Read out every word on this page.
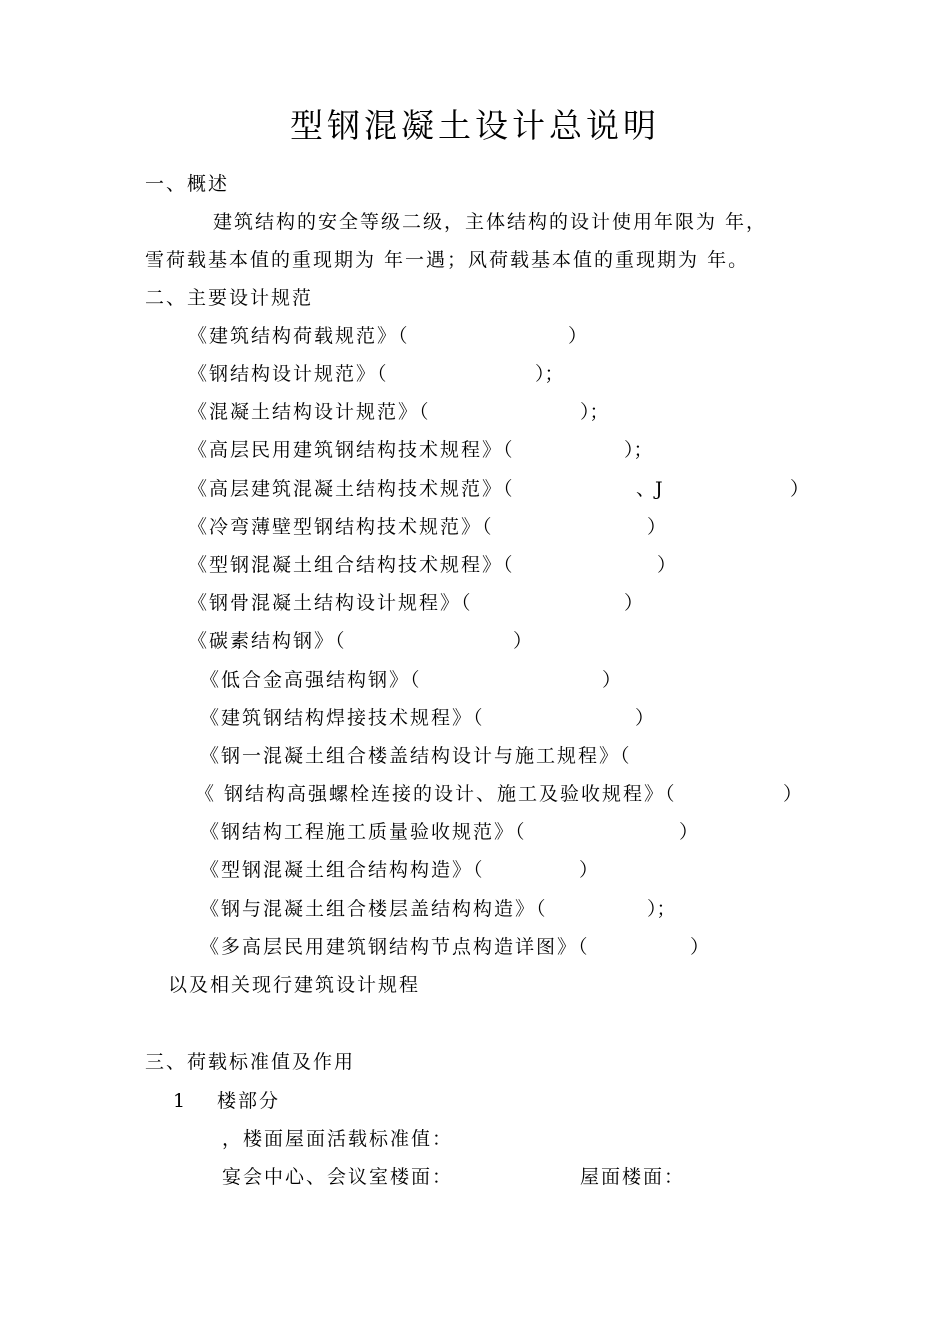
型钢混凝土设计总说明
一、概述
建筑结构的安全等级二级，主体结构的设计使用年限为 年，
雪荷载基本值的重现期为 年一遇；风荷载基本值的重现期为 年。
二、主要设计规范
《建筑结构荷载规范》（	）
《钢结构设计规范》（	）；
《混凝土结构设计规范》（	）；
《高层民用建筑钢结构技术规程》（	）；
《高层建筑混凝土结构技术规范》（	、J	）
《冷弯薄壁型钢结构技术规范》（	）
《型钢混凝土组合结构技术规程》（	）
《钢骨混凝土结构设计规程》（	）
《碳素结构钢》（	）
《低合金高强结构钢》（	）
《建筑钢结构焊接技术规程》（	）
《钢一混凝土组合楼盖结构设计与施工规程》（
《 钢结构高强螺栓连接的设计、施工及验收规程》（	）
《钢结构工程施工质量验收规范》（	）
《型钢混凝土组合结构构造》（	）
《钢与混凝土组合楼层盖结构构造》（	）；
《多高层民用建筑钢结构节点构造详图》（	）
以及相关现行建筑设计规程
三、荷载标准值及作用
1 楼部分
，楼面屋面活载标准值：
宴会中心、会议室楼面：	屋面楼面：
